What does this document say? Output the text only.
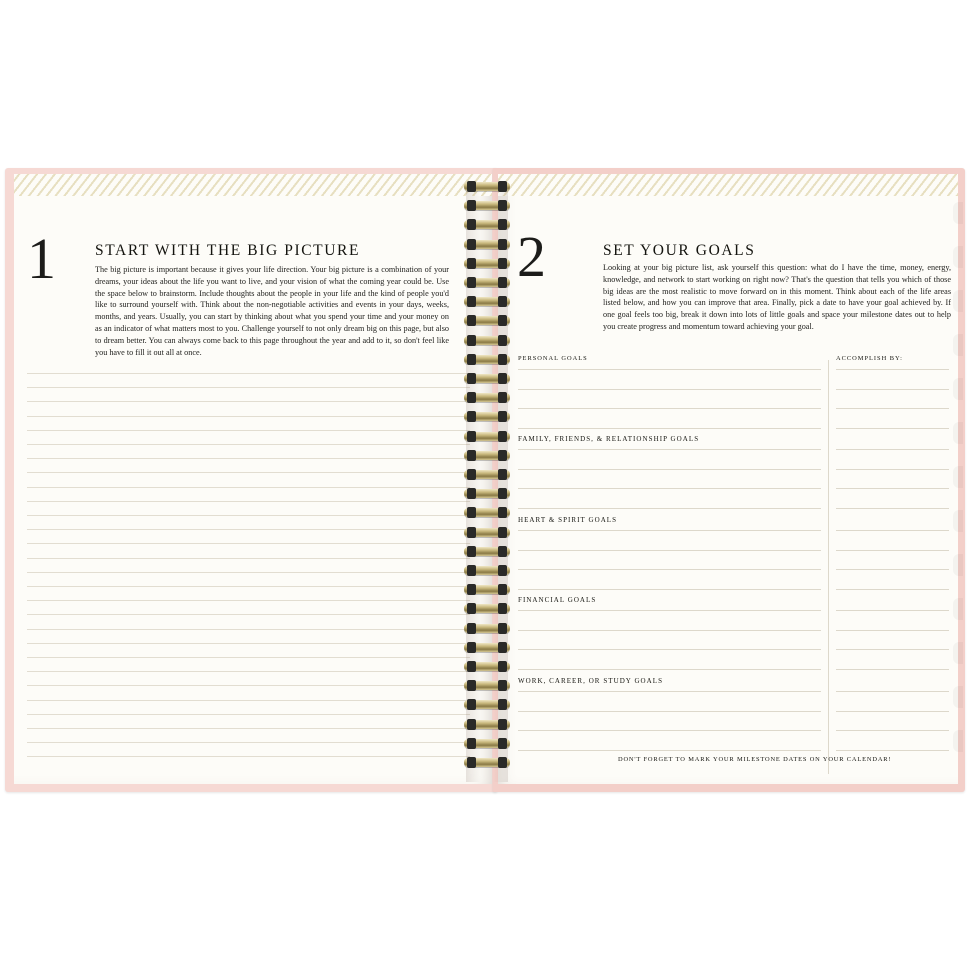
1	START WITH THE BIG PICTURE
The big picture is important because it gives your life direction. Your big picture is a combination of your dreams, your ideas about the life you want to live, and your vision of what the coming year could be. Use the space below to brainstorm. Include thoughts about the people in your life and the kind of people you'd like to surround yourself with. Think about the non-negotiable activities and events in your days, weeks, months, and years. Usually, you can start by thinking about what you spend your time and your money on as an indicator of what matters most to you. Challenge yourself to not only dream big on this page, but also to dream better. You can always come back to this page throughout the year and add to it, so don't feel like you have to fill it out all at once.
2	SET YOUR GOALS
Looking at your big picture list, ask yourself this question: what do I have the time, money, energy, knowledge, and network to start working on right now? That's the question that tells you which of those big ideas are the most realistic to move forward on in this moment. Think about each of the life areas listed below, and how you can improve that area. Finally, pick a date to have your goal achieved by. If one goal feels too big, break it down into lots of little goals and space your milestone dates out to help you create progress and momentum toward achieving your goal.
PERSONAL GOALS	ACCOMPLISH BY:
FAMILY, FRIENDS, & RELATIONSHIP GOALS
HEART & SPIRIT GOALS
FINANCIAL GOALS
WORK, CAREER, OR STUDY GOALS
DON'T FORGET TO MARK YOUR MILESTONE DATES ON YOUR CALENDAR!
